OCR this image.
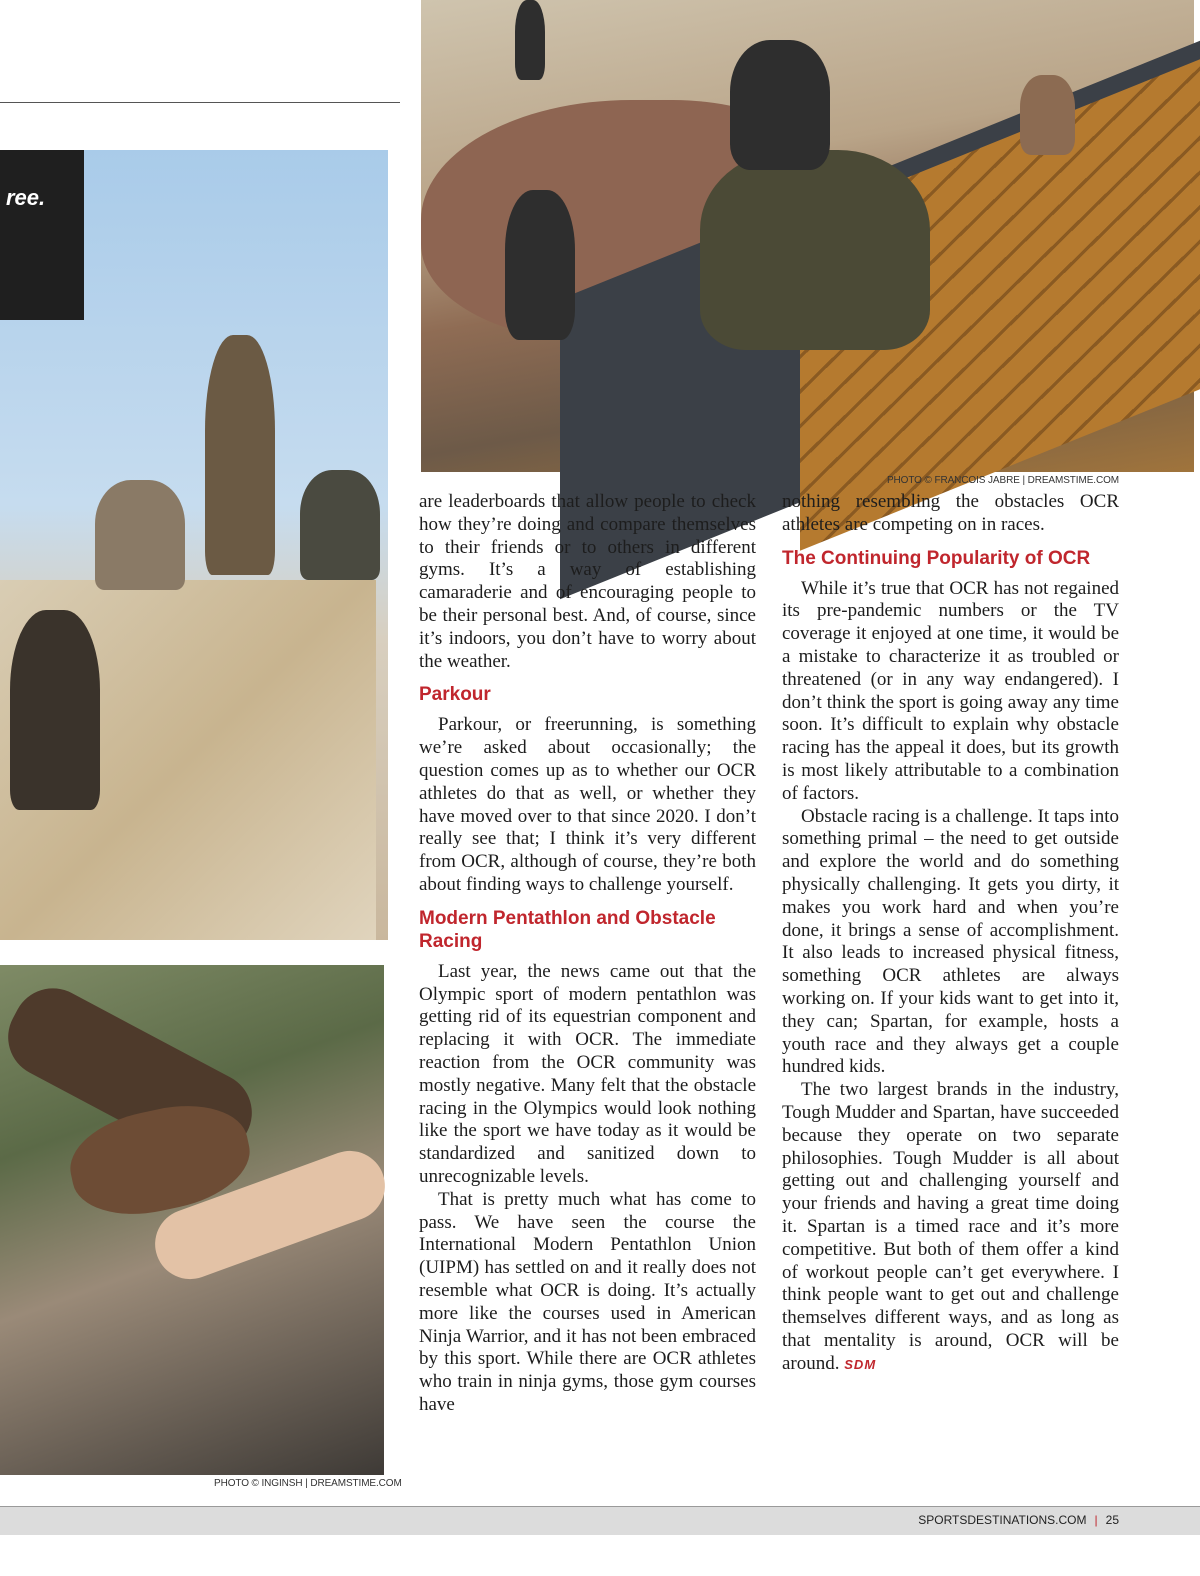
ree.
PHOTO © INGINSH | DREAMSTIME.COM
PHOTO © FRANCOIS JABRE | DREAMSTIME.COM

are leaderboards that allow people to check how they’re doing and compare themselves to their friends or to others in different gyms. It’s a way of establishing camaraderie and of encouraging people to be their personal best. And, of course, since it’s indoors, you don’t have to worry about the weather.

Parkour

Parkour, or freerunning, is something we’re asked about occasionally; the question comes up as to whether our OCR athletes do that as well, or whether they have moved over to that since 2020. I don’t really see that; I think it’s very different from OCR, although of course, they’re both about finding ways to challenge yourself.

Modern Pentathlon and Obstacle Racing

Last year, the news came out that the Olympic sport of modern pentathlon was getting rid of its equestrian component and replacing it with OCR. The immediate reaction from the OCR community was mostly negative. Many felt that the obstacle racing in the Olympics would look nothing like the sport we have today as it would be standardized and sanitized down to unrecognizable levels.

That is pretty much what has come to pass. We have seen the course the International Modern Pentathlon Union (UIPM) has settled on and it really does not resemble what OCR is doing. It’s actually more like the courses used in American Ninja Warrior, and it has not been embraced by this sport. While there are OCR athletes who train in ninja gyms, those gym courses have

nothing resembling the obstacles OCR athletes are competing on in races.

The Continuing Popularity of OCR

While it’s true that OCR has not regained its pre-pandemic numbers or the TV coverage it enjoyed at one time, it would be a mistake to characterize it as troubled or threatened (or in any way endangered). I don’t think the sport is going away any time soon. It’s difficult to explain why obstacle racing has the appeal it does, but its growth is most likely attributable to a combination of factors.

Obstacle racing is a challenge. It taps into something primal – the need to get outside and explore the world and do something physically challenging. It gets you dirty, it makes you work hard and when you’re done, it brings a sense of accomplishment. It also leads to increased physical fitness, something OCR athletes are always working on. If your kids want to get into it, they can; Spartan, for example, hosts a youth race and they always get a couple hundred kids.

The two largest brands in the industry, Tough Mudder and Spartan, have succeeded because they operate on two separate philosophies. Tough Mudder is all about getting out and challenging yourself and your friends and having a great time doing it. Spartan is a timed race and it’s more competitive. But both of them offer a kind of workout people can’t get everywhere. I think people want to get out and challenge themselves different ways, and as long as that mentality is around, OCR will be around. SDM

SPORTSDESTINATIONS.COM | 25
